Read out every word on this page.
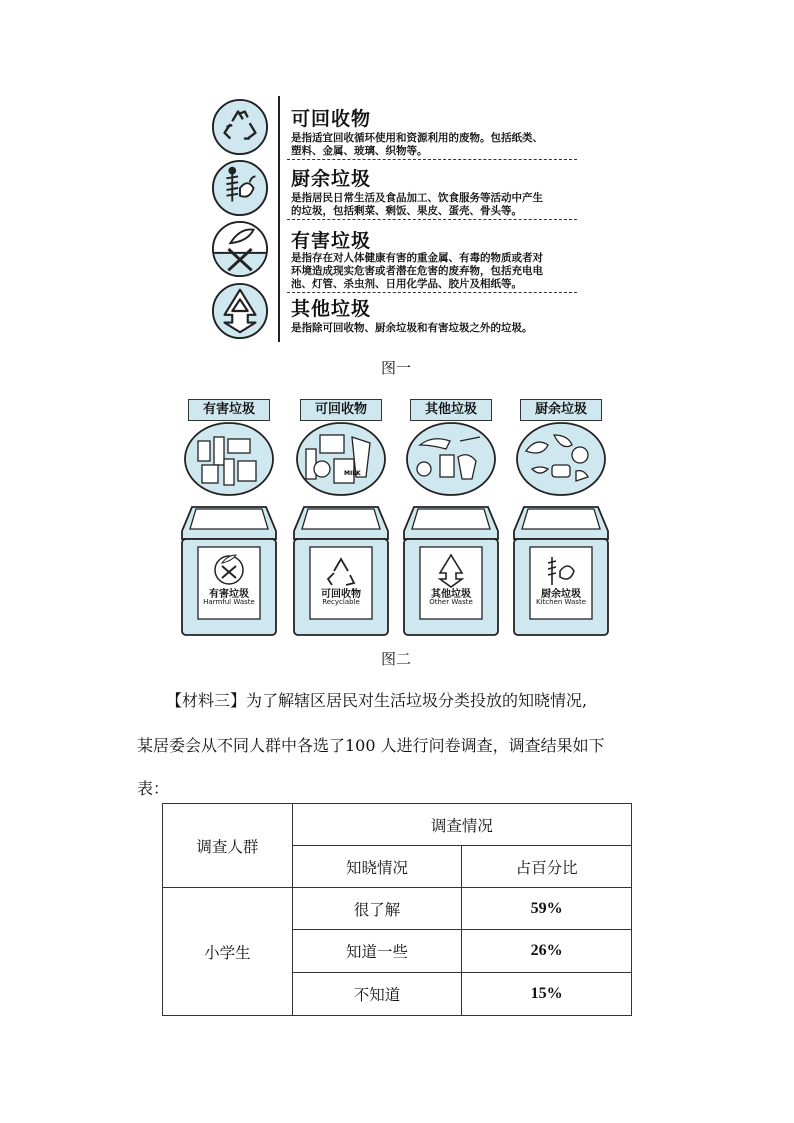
可回收物
是指适宜回收循环使用和资源利用的废物。包括纸类、
塑料、金属、玻璃、织物等。
厨余垃圾
是指居民日常生活及食品加工、饮食服务等活动中产生
的垃圾，包括剩菜、剩饭、果皮、蛋壳、骨头等。
有害垃圾
是指存在对人体健康有害的重金属、有毒的物质或者对
环境造成现实危害或者潜在危害的废弃物，包括充电电
池、灯管、杀虫剂、日用化学品、胶片及相纸等。
其他垃圾
是指除可回收物、厨余垃圾和有害垃圾之外的垃圾。
图一
有害垃圾
有害垃圾
Harmful Waste
可回收物
MILK
可回收物
Recyclable
其他垃圾
其他垃圾
Other Waste
厨余垃圾
厨余垃圾
Kitchen Waste
图二
【材料三】为了解辖区居民对生活垃圾分类投放的知晓情况,
某居委会从不同人群中各选了100 人进行问卷调查，调查结果如下
表：
调查人群	调查情况	
	知晓情况	占百分比
小学生	很了解	59%
	知道一些	26%
	不知道	15%
